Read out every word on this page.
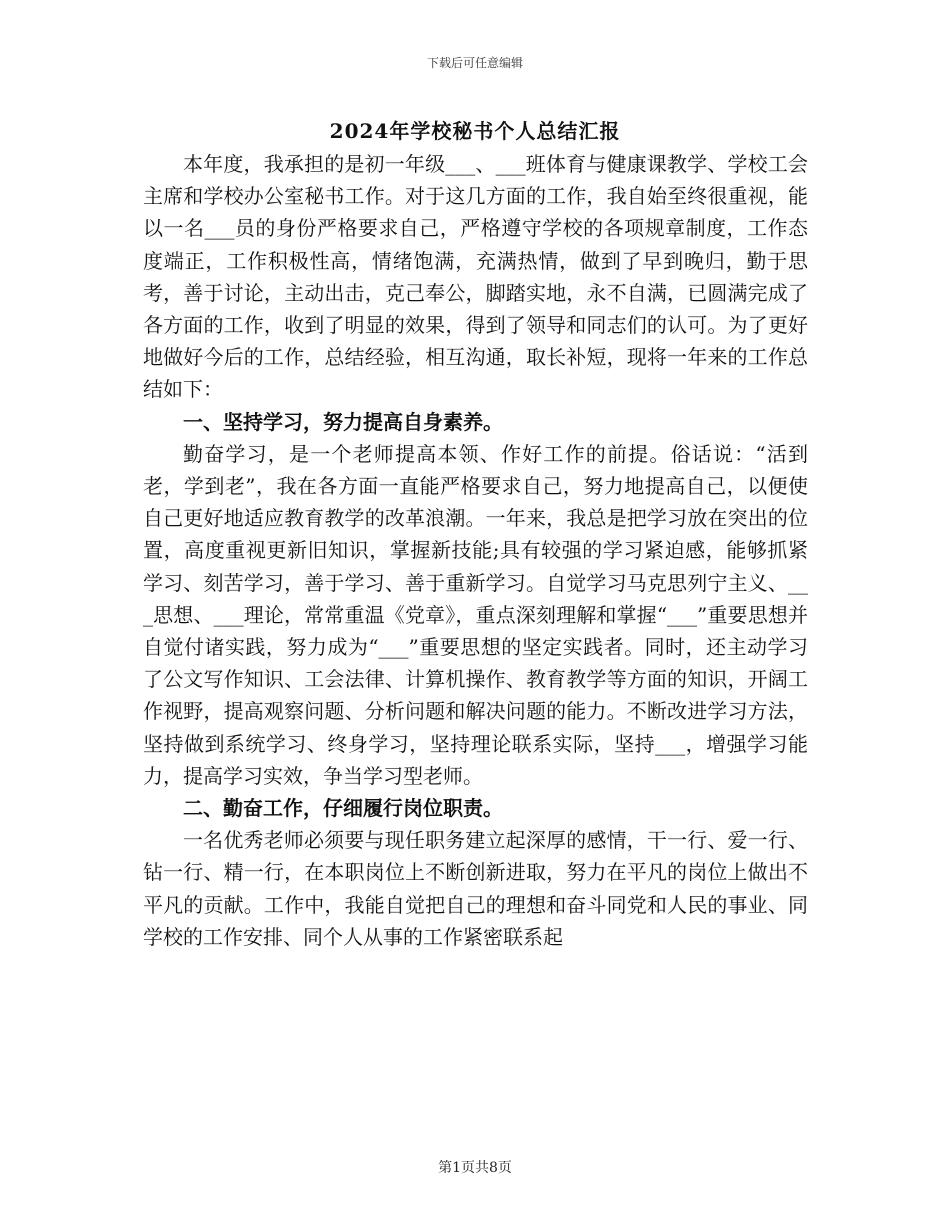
下载后可任意编辑
2024年学校秘书个人总结汇报

本年度，我承担的是初一年级___、___班体育与健康课教学、学校工会主席和学校办公室秘书工作。对于这几方面的工作，我自始至终很重视，能以一名___员的身份严格要求自己，严格遵守学校的各项规章制度，工作态度端正，工作积极性高，情绪饱满，充满热情，做到了早到晚归，勤于思考，善于讨论，主动出击，克己奉公，脚踏实地，永不自满，已圆满完成了各方面的工作，收到了明显的效果，得到了领导和同志们的认可。为了更好地做好今后的工作，总结经验，相互沟通，取长补短，现将一年来的工作总结如下：

一、坚持学习，努力提高自身素养。

勤奋学习，是一个老师提高本领、作好工作的前提。俗话说：“活到老，学到老”，我在各方面一直能严格要求自己，努力地提高自己，以便使自己更好地适应教育教学的改革浪潮。一年来，我总是把学习放在突出的位置，高度重视更新旧知识，掌握新技能;具有较强的学习紧迫感，能够抓紧学习、刻苦学习，善于学习、善于重新学习。自觉学习马克思列宁主义、___思想、___理论，常常重温《党章》，重点深刻理解和掌握“___”重要思想并自觉付诸实践，努力成为“___”重要思想的坚定实践者。同时，还主动学习了公文写作知识、工会法律、计算机操作、教育教学等方面的知识，开阔工作视野，提高观察问题、分析问题和解决问题的能力。不断改进学习方法，坚持做到系统学习、终身学习，坚持理论联系实际，坚持___，增强学习能力，提高学习实效，争当学习型老师。

二、勤奋工作，仔细履行岗位职责。

一名优秀老师必须要与现任职务建立起深厚的感情，干一行、爱一行、钻一行、精一行，在本职岗位上不断创新进取，努力在平凡的岗位上做出不平凡的贡献。工作中，我能自觉把自己的理想和奋斗同党和人民的事业、同学校的工作安排、同个人从事的工作紧密联系起

第1页共8页
